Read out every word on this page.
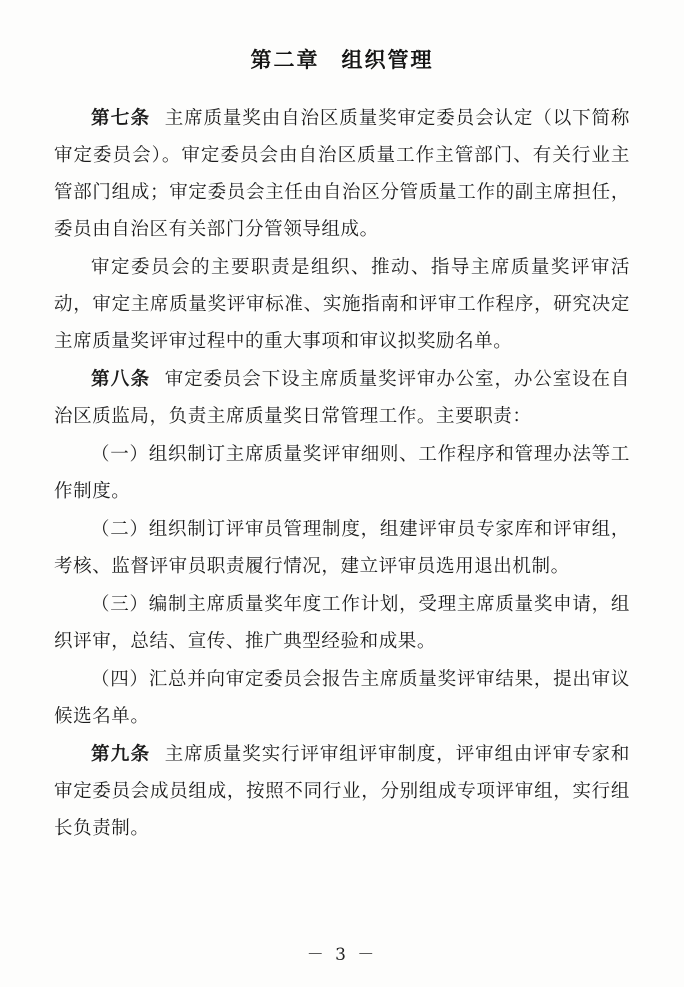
第二章 组织管理

第七条 主席质量奖由自治区质量奖审定委员会认定（以下简称审定委员会）。审定委员会由自治区质量工作主管部门、有关行业主管部门组成；审定委员会主任由自治区分管质量工作的副主席担任，委员由自治区有关部门分管领导组成。

审定委员会的主要职责是组织、推动、指导主席质量奖评审活动，审定主席质量奖评审标准、实施指南和评审工作程序，研究决定主席质量奖评审过程中的重大事项和审议拟奖励名单。

第八条 审定委员会下设主席质量奖评审办公室，办公室设在自治区质监局，负责主席质量奖日常管理工作。主要职责：

（一）组织制订主席质量奖评审细则、工作程序和管理办法等工作制度。

（二）组织制订评审员管理制度，组建评审员专家库和评审组，考核、监督评审员职责履行情况，建立评审员选用退出机制。

（三）编制主席质量奖年度工作计划，受理主席质量奖申请，组织评审，总结、宣传、推广典型经验和成果。

（四）汇总并向审定委员会报告主席质量奖评审结果，提出审议候选名单。

第九条 主席质量奖实行评审组评审制度，评审组由评审专家和审定委员会成员组成，按照不同行业，分别组成专项评审组，实行组长负责制。

－ 3 －
